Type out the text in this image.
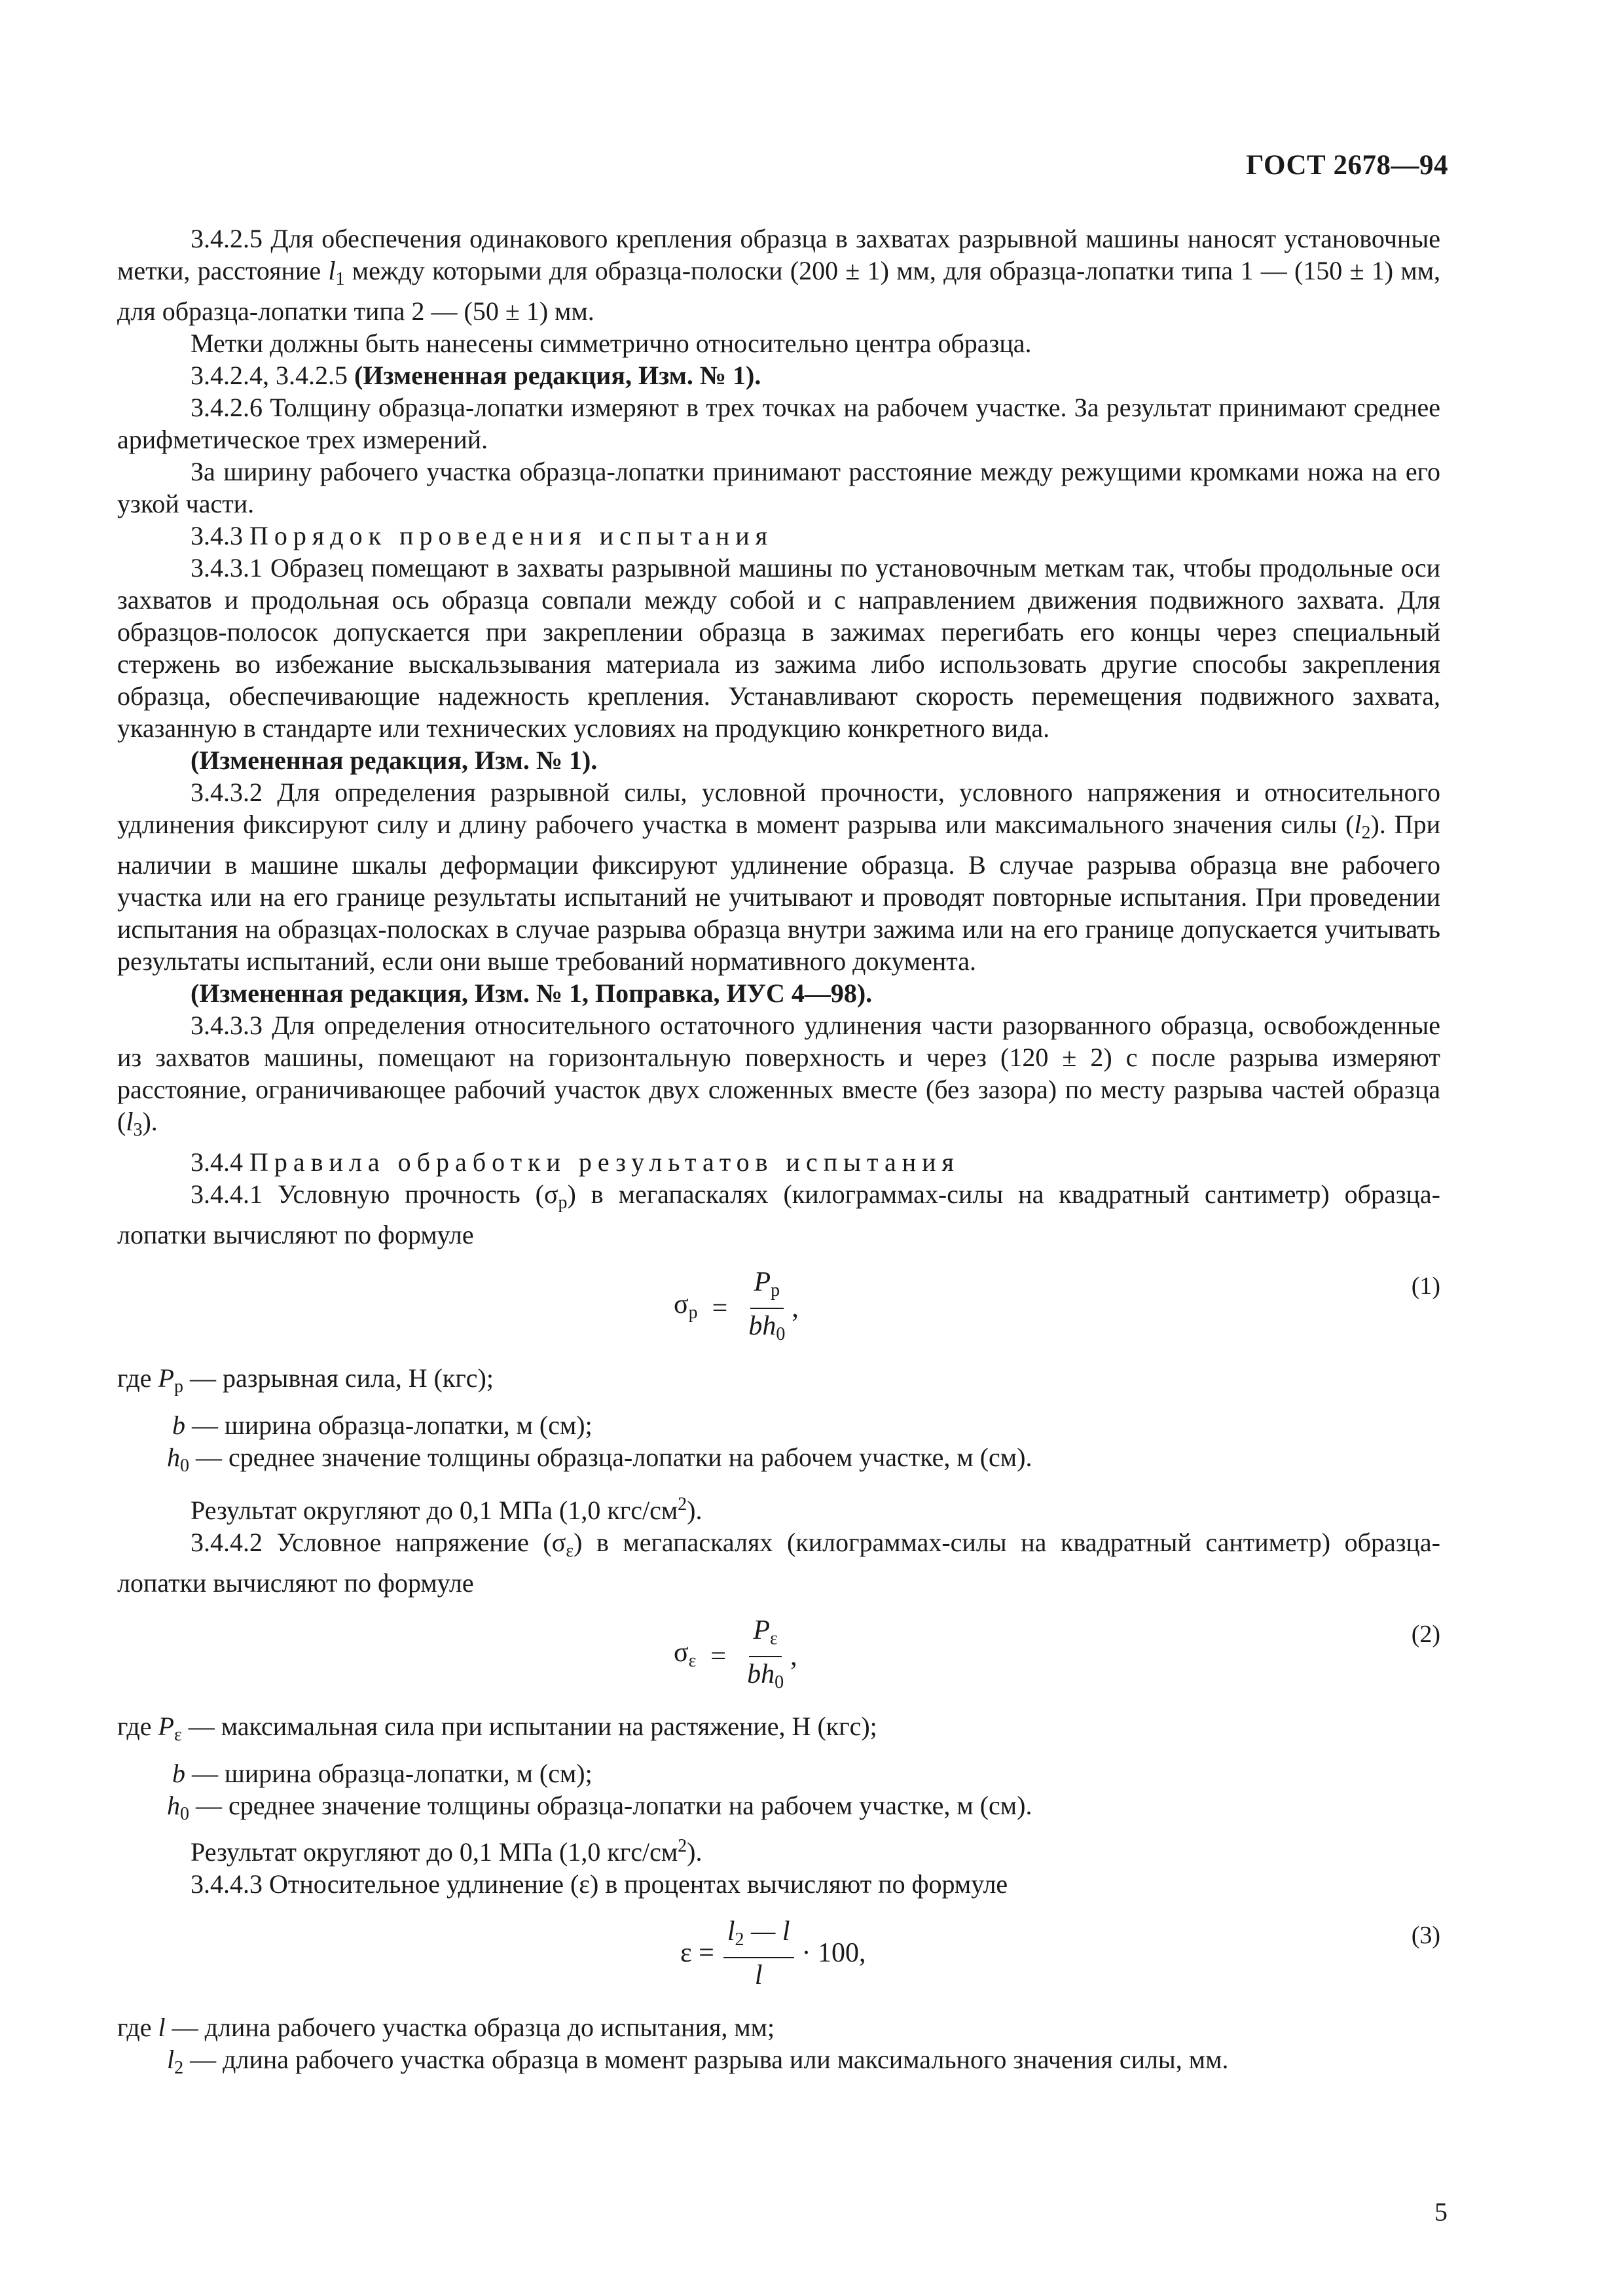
ГОСТ 2678—94

3.4.2.5 Для обеспечения одинакового крепления образца в захватах разрывной машины наносят установочные метки, расстояние $l_1$ между которыми для образца-полоски (200 ± 1) мм, для образца-лопатки типа 1 — (150 ± 1) мм, для образца-лопатки типа 2 — (50 ± 1) мм.

Метки должны быть нанесены симметрично относительно центра образца.

3.4.2.4, 3.4.2.5 (Измененная редакция, Изм. № 1).

3.4.2.6 Толщину образца-лопатки измеряют в трех точках на рабочем участке. За результат принимают среднее арифметическое трех измерений.

За ширину рабочего участка образца-лопатки принимают расстояние между режущими кромками ножа на его узкой части.

3.4.3 Порядок проведения испытания

3.4.3.1 Образец помещают в захваты разрывной машины по установочным меткам так, чтобы продольные оси захватов и продольная ось образца совпали между собой и с направлением движения подвижного захвата. Для образцов-полосок допускается при закреплении образца в зажимах перегибать его концы через специальный стержень во избежание выскальзывания материала из зажима либо использовать другие способы закрепления образца, обеспечивающие надежность крепления. Устанавливают скорость перемещения подвижного захвата, указанную в стандарте или технических условиях на продукцию конкретного вида.

(Измененная редакция, Изм. № 1).

3.4.3.2 Для определения разрывной силы, условной прочности, условного напряжения и относительного удлинения фиксируют силу и длину рабочего участка в момент разрыва или максимального значения силы $(l_2)$. При наличии в машине шкалы деформации фиксируют удлинение образца. В случае разрыва образца вне рабочего участка или на его границе результаты испытаний не учитывают и проводят повторные испытания. При проведении испытания на образцах-полосках в случае разрыва образца внутри зажима или на его границе допускается учитывать результаты испытаний, если они выше требований нормативного документа.

(Измененная редакция, Изм. № 1, Поправка, ИУС 4—98).

3.4.3.3 Для определения относительного остаточного удлинения части разорванного образца, освобожденные из захватов машины, помещают на горизонтальную поверхность и через (120 ± 2) с после разрыва измеряют расстояние, ограничивающее рабочий участок двух сложенных вместе (без зазора) по месту разрыва частей образца $(l_3)$.

3.4.4 Правила обработки результатов испытания

3.4.4.1 Условную прочность $(\sigma_р)$ в мегапаскалях (килограммах-силы на квадратный сантиметр) образца-лопатки вычисляют по формуле

$\sigma_р = \frac{P_р}{bh_0}$ ,
(1)

где $P_р$ — разрывная сила, Н (кгс);

b — ширина образца-лопатки, м (см);

$h_0$ — среднее значение толщины образца-лопатки на рабочем участке, м (см).

Результат округляют до 0,1 МПа (1,0 кгс/$см^2$).

3.4.4.2 Условное напряжение $(\sigma_\varepsilon)$ в мегапаскалях (килограммах-силы на квадратный сантиметр) образца-лопатки вычисляют по формуле

$\sigma_\varepsilon = \frac{P_\varepsilon}{bh_0}$ ,
(2)

где $P_\varepsilon$ — максимальная сила при испытании на растяжение, Н (кгс);

b — ширина образца-лопатки, м (см);

$h_0$ — среднее значение толщины образца-лопатки на рабочем участке, м (см).

Результат округляют до 0,1 МПа (1,0 кгс/$см^2$).

3.4.4.3 Относительное удлинение (ε) в процентах вычисляют по формуле

$\varepsilon = \frac{l_2 — l}{l} \cdot 100$,
(3)

где l — длина рабочего участка образца до испытания, мм;

$l_2$ — длина рабочего участка образца в момент разрыва или максимального значения силы, мм.

5
